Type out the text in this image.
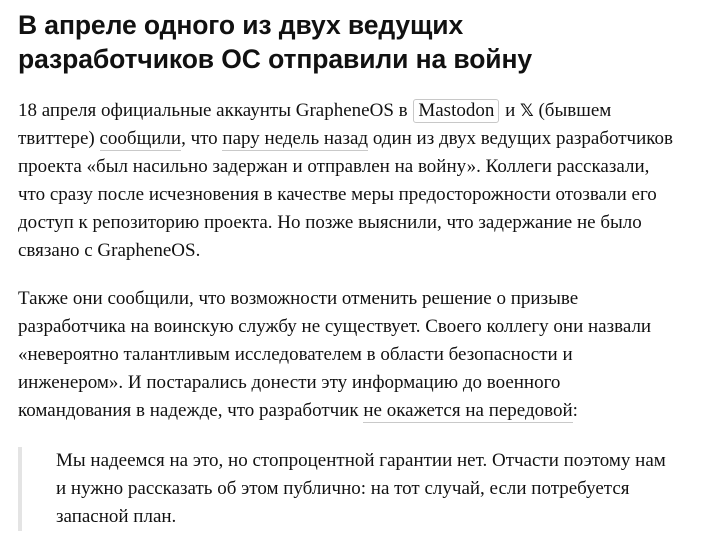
В апреле одного из двух ведущих
разработчиков ОС отправили на войну

18 апреля официальные аккаунты GrapheneOS в Mastodon и 𝕏 (бывшем твиттере) сообщили, что пару недель назад один из двух ведущих разработчиков проекта «был насильно задержан и отправлен на войну». Коллеги рассказали, что сразу после исчезновения в качестве меры предосторожности отозвали его доступ к репозиторию проекта. Но позже выяснили, что задержание не было связано с GrapheneOS.

Также они сообщили, что возможности отменить решение о призыве разработчика на воинскую службу не существует. Своего коллегу они назвали «невероятно талантливым исследователем в области безопасности и инженером». И постарались донести эту информацию до военного командования в надежде, что разработчик не окажется на передовой:

Мы надеемся на это, но стопроцентной гарантии нет. Отчасти поэтому нам и нужно рассказать об этом публично: на тот случай, если потребуется запасной план.
